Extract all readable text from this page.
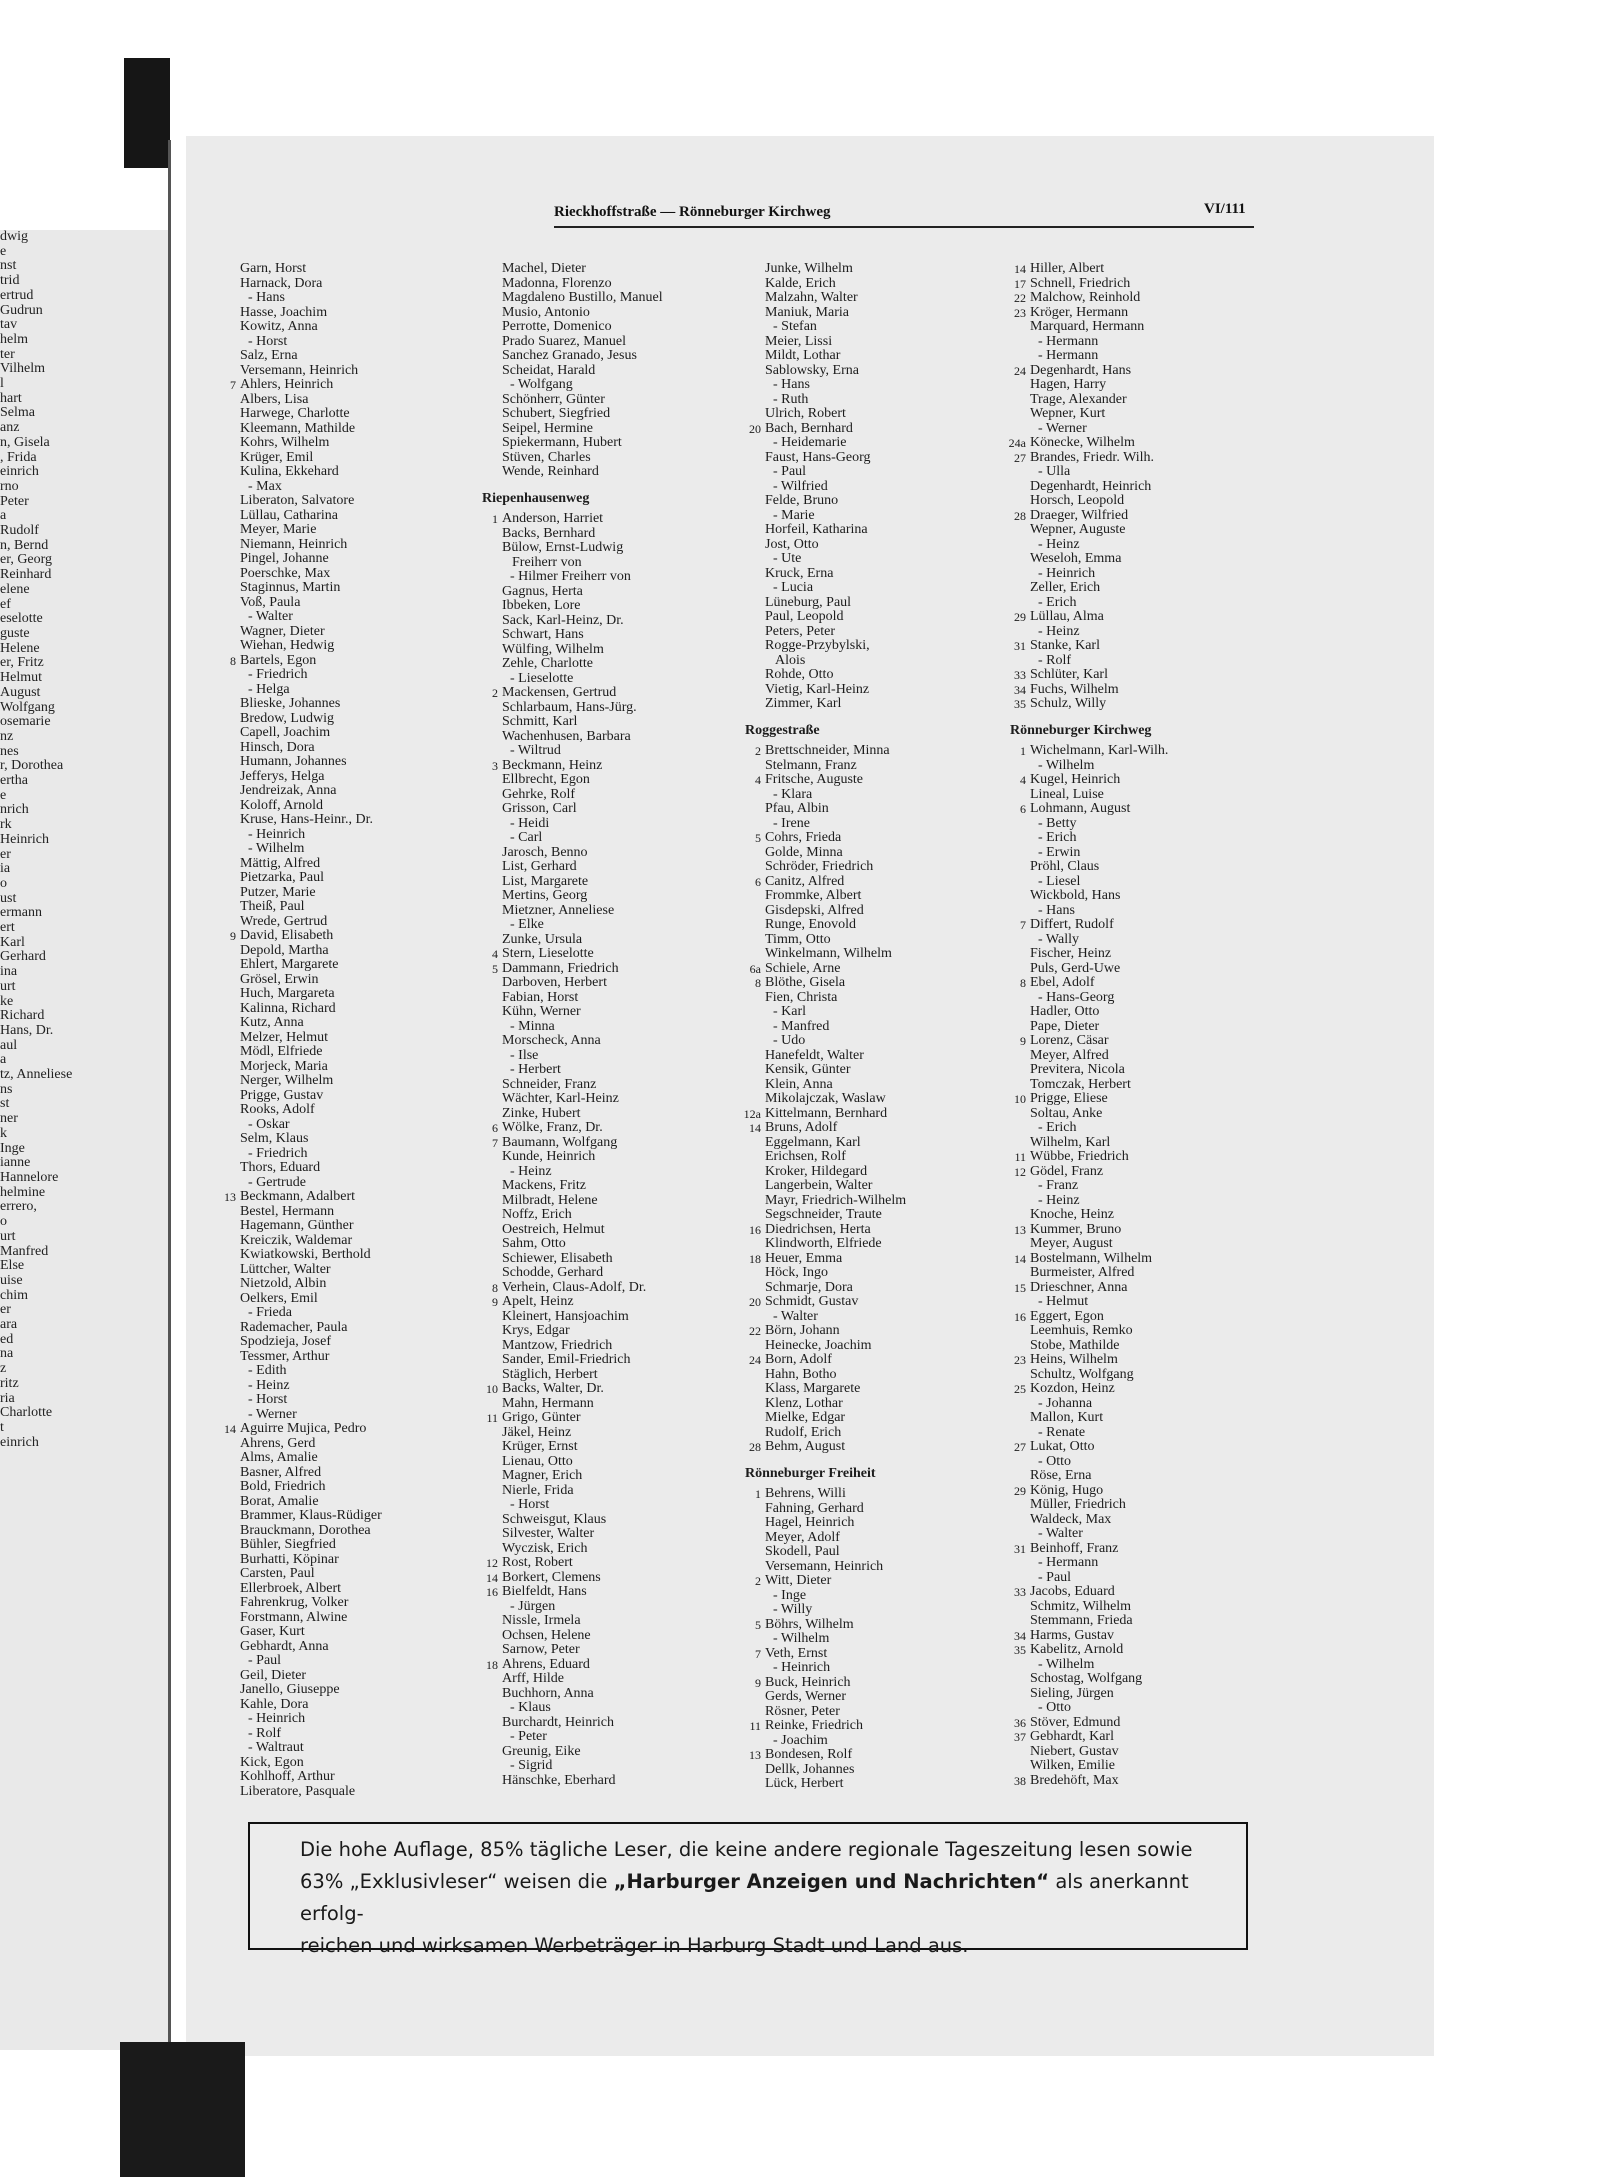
dwig
e
nst
trid
ertrud
Gudrun
tav
helm
ter
Vilhelm
l
hart
Selma
anz
n, Gisela
, Frida
einrich
rno
Peter
a
Rudolf
n, Bernd
er, Georg
Reinhard
elene
ef
eselotte
guste
Helene
er, Fritz
Helmut
August
Wolfgang
osemarie
nz
nes
r, Dorothea
ertha
e
nrich
rk
Heinrich
er
ia
o
ust
ermann
ert
Karl
Gerhard
ina
urt
ke
Richard
Hans, Dr.
aul
a
tz, Anneliese
ns
st
ner
k
Inge
ianne
Hannelore
helmine
errero,
o
urt
Manfred
Else
uise
chim
er
ara
ed
na
z
ritz
ria
Charlotte
t
einrich
Rieckhoffstraße — Rönneburger Kirchweg	VI/111
Garn, Horst
Harnack, Dora
- Hans
Hasse, Joachim
Kowitz, Anna
- Horst
Salz, Erna
Versemann, Heinrich
7 Ahlers, Heinrich
Albers, Lisa
Harwege, Charlotte
Kleemann, Mathilde
Kohrs, Wilhelm
Krüger, Emil
Kulina, Ekkehard
- Max
Liberaton, Salvatore
Lüllau, Catharina
Meyer, Marie
Niemann, Heinrich
Pingel, Johanne
Poerschke, Max
Staginnus, Martin
Voß, Paula
- Walter
Wagner, Dieter
Wiehan, Hedwig
8 Bartels, Egon
- Friedrich
- Helga
Blieske, Johannes
Bredow, Ludwig
Capell, Joachim
Hinsch, Dora
Humann, Johannes
Jefferys, Helga
Jendreizak, Anna
Koloff, Arnold
Kruse, Hans-Heinr., Dr.
- Heinrich
- Wilhelm
Mättig, Alfred
Pietzarka, Paul
Putzer, Marie
Theiß, Paul
Wrede, Gertrud
9 David, Elisabeth
Depold, Martha
Ehlert, Margarete
Grösel, Erwin
Huch, Margareta
Kalinna, Richard
Kutz, Anna
Melzer, Helmut
Mödl, Elfriede
Morjeck, Maria
Nerger, Wilhelm
Prigge, Gustav
Rooks, Adolf
- Oskar
Selm, Klaus
- Friedrich
Thors, Eduard
- Gertrude
13 Beckmann, Adalbert
Bestel, Hermann
Hagemann, Günther
Kreiczik, Waldemar
Kwiatkowski, Berthold
Lüttcher, Walter
Nietzold, Albin
Oelkers, Emil
- Frieda
Rademacher, Paula
Spodzieja, Josef
Tessmer, Arthur
- Edith
- Heinz
- Horst
- Werner
14 Aguirre Mujica, Pedro
Ahrens, Gerd
Alms, Amalie
Basner, Alfred
Bold, Friedrich
Borat, Amalie
Brammer, Klaus-Rüdiger
Brauckmann, Dorothea
Bühler, Siegfried
Burhatti, Köpinar
Carsten, Paul
Ellerbroek, Albert
Fahrenkrug, Volker
Forstmann, Alwine
Gaser, Kurt
Gebhardt, Anna
- Paul
Geil, Dieter
Janello, Giuseppe
Kahle, Dora
- Heinrich
- Rolf
- Waltraut
Kick, Egon
Kohlhoff, Arthur
Liberatore, Pasquale
Machel, Dieter
Madonna, Florenzo
Magdaleno Bustillo, Manuel
Musio, Antonio
Perrotte, Domenico
Prado Suarez, Manuel
Sanchez Granado, Jesus
Scheidat, Harald
- Wolfgang
Schönherr, Günter
Schubert, Siegfried
Seipel, Hermine
Spiekermann, Hubert
Stüven, Charles
Wende, Reinhard
Riepenhausenweg
1 Anderson, Harriet
Backs, Bernhard
Bülow, Ernst-Ludwig
Freiherr von
- Hilmer Freiherr von
Gagnus, Herta
Ibbeken, Lore
Sack, Karl-Heinz, Dr.
Schwart, Hans
Wülfing, Wilhelm
Zehle, Charlotte
- Lieselotte
2 Mackensen, Gertrud
Schlarbaum, Hans-Jürg.
Schmitt, Karl
Wachenhusen, Barbara
- Wiltrud
3 Beckmann, Heinz
Ellbrecht, Egon
Gehrke, Rolf
Grisson, Carl
- Heidi
- Carl
Jarosch, Benno
List, Gerhard
List, Margarete
Mertins, Georg
Mietzner, Anneliese
- Elke
Zunke, Ursula
4 Stern, Lieselotte
5 Dammann, Friedrich
Darboven, Herbert
Fabian, Horst
Kühn, Werner
- Minna
Morscheck, Anna
- Ilse
- Herbert
Schneider, Franz
Wächter, Karl-Heinz
Zinke, Hubert
6 Wölke, Franz, Dr.
7 Baumann, Wolfgang
Kunde, Heinrich
- Heinz
Mackens, Fritz
Milbradt, Helene
Noffz, Erich
Oestreich, Helmut
Sahm, Otto
Schiewer, Elisabeth
Schodde, Gerhard
8 Verhein, Claus-Adolf, Dr.
9 Apelt, Heinz
Kleinert, Hansjoachim
Krys, Edgar
Mantzow, Friedrich
Sander, Emil-Friedrich
Stäglich, Herbert
10 Backs, Walter, Dr.
Mahn, Hermann
11 Grigo, Günter
Jäkel, Heinz
Krüger, Ernst
Lienau, Otto
Magner, Erich
Nierle, Frida
- Horst
Schweisgut, Klaus
Silvester, Walter
Wyczisk, Erich
12 Rost, Robert
14 Borkert, Clemens
16 Bielfeldt, Hans
- Jürgen
Nissle, Irmela
Ochsen, Helene
Sarnow, Peter
18 Ahrens, Eduard
Arff, Hilde
Buchhorn, Anna
- Klaus
Burchardt, Heinrich
- Peter
Greunig, Eike
- Sigrid
Hänschke, Eberhard
Junke, Wilhelm
Kalde, Erich
Malzahn, Walter
Maniuk, Maria
- Stefan
Meier, Lissi
Mildt, Lothar
Sablowsky, Erna
- Hans
- Ruth
Ulrich, Robert
20 Bach, Bernhard
- Heidemarie
Faust, Hans-Georg
- Paul
- Wilfried
Felde, Bruno
- Marie
Horfeil, Katharina
Jost, Otto
- Ute
Kruck, Erna
- Lucia
Lüneburg, Paul
Paul, Leopold
Peters, Peter
Rogge-Przybylski,
Alois
Rohde, Otto
Vietig, Karl-Heinz
Zimmer, Karl
Roggestraße
2 Brettschneider, Minna
Stelmann, Franz
4 Fritsche, Auguste
- Klara
Pfau, Albin
- Irene
5 Cohrs, Frieda
Golde, Minna
Schröder, Friedrich
6 Canitz, Alfred
Frommke, Albert
Gisdepski, Alfred
Runge, Enovold
Timm, Otto
Winkelmann, Wilhelm
6a Schiele, Arne
8 Blöthe, Gisela
Fien, Christa
- Karl
- Manfred
- Udo
Hanefeldt, Walter
Kensik, Günter
Klein, Anna
Mikolajczak, Waslaw
12a Kittelmann, Bernhard
14 Bruns, Adolf
Eggelmann, Karl
Erichsen, Rolf
Kroker, Hildegard
Langerbein, Walter
Mayr, Friedrich-Wilhelm
Segschneider, Traute
16 Diedrichsen, Herta
Klindworth, Elfriede
18 Heuer, Emma
Höck, Ingo
Schmarje, Dora
20 Schmidt, Gustav
- Walter
22 Börn, Johann
Heinecke, Joachim
24 Born, Adolf
Hahn, Botho
Klass, Margarete
Klenz, Lothar
Mielke, Edgar
Rudolf, Erich
28 Behm, August
Rönneburger Freiheit
1 Behrens, Willi
Fahning, Gerhard
Hagel, Heinrich
Meyer, Adolf
Skodell, Paul
Versemann, Heinrich
2 Witt, Dieter
- Inge
- Willy
5 Böhrs, Wilhelm
- Wilhelm
7 Veth, Ernst
- Heinrich
9 Buck, Heinrich
Gerds, Werner
Rösner, Peter
11 Reinke, Friedrich
- Joachim
13 Bondesen, Rolf
Dellk, Johannes
Lück, Herbert
14 Hiller, Albert
17 Schnell, Friedrich
22 Malchow, Reinhold
23 Kröger, Hermann
Marquard, Hermann
- Hermann
- Hermann
24 Degenhardt, Hans
Hagen, Harry
Trage, Alexander
Wepner, Kurt
- Werner
24a Könecke, Wilhelm
27 Brandes, Friedr. Wilh.
- Ulla
Degenhardt, Heinrich
Horsch, Leopold
28 Draeger, Wilfried
Wepner, Auguste
- Heinz
Weseloh, Emma
- Heinrich
Zeller, Erich
- Erich
29 Lüllau, Alma
- Heinz
31 Stanke, Karl
- Rolf
33 Schlüter, Karl
34 Fuchs, Wilhelm
35 Schulz, Willy
Rönneburger Kirchweg
1 Wichelmann, Karl-Wilh.
- Wilhelm
4 Kugel, Heinrich
Lineal, Luise
6 Lohmann, August
- Betty
- Erich
- Erwin
Pröhl, Claus
- Liesel
Wickbold, Hans
- Hans
7 Differt, Rudolf
- Wally
Fischer, Heinz
Puls, Gerd-Uwe
8 Ebel, Adolf
- Hans-Georg
Hadler, Otto
Pape, Dieter
9 Lorenz, Cäsar
Meyer, Alfred
Previtera, Nicola
Tomczak, Herbert
10 Prigge, Eliese
Soltau, Anke
- Erich
Wilhelm, Karl
11 Wübbe, Friedrich
12 Gödel, Franz
- Franz
- Heinz
Knoche, Heinz
13 Kummer, Bruno
Meyer, August
14 Bostelmann, Wilhelm
Burmeister, Alfred
15 Drieschner, Anna
- Helmut
16 Eggert, Egon
Leemhuis, Remko
Stobe, Mathilde
23 Heins, Wilhelm
Schultz, Wolfgang
25 Kozdon, Heinz
- Johanna
Mallon, Kurt
- Renate
27 Lukat, Otto
- Otto
Röse, Erna
29 König, Hugo
Müller, Friedrich
Waldeck, Max
- Walter
31 Beinhoff, Franz
- Hermann
- Paul
33 Jacobs, Eduard
Schmitz, Wilhelm
Stemmann, Frieda
34 Harms, Gustav
35 Kabelitz, Arnold
- Wilhelm
Schostag, Wolfgang
Sieling, Jürgen
- Otto
36 Stöver, Edmund
37 Gebhardt, Karl
Niebert, Gustav
Wilken, Emilie
38 Bredehöft, Max
Die hohe Auflage, 85% tägliche Leser, die keine andere regionale Tageszeitung lesen sowie
63% „Exklusivleser“ weisen die „Harburger Anzeigen und Nachrichten“ als anerkannt erfolg-
reichen und wirksamen Werbeträger in Harburg Stadt und Land aus.
